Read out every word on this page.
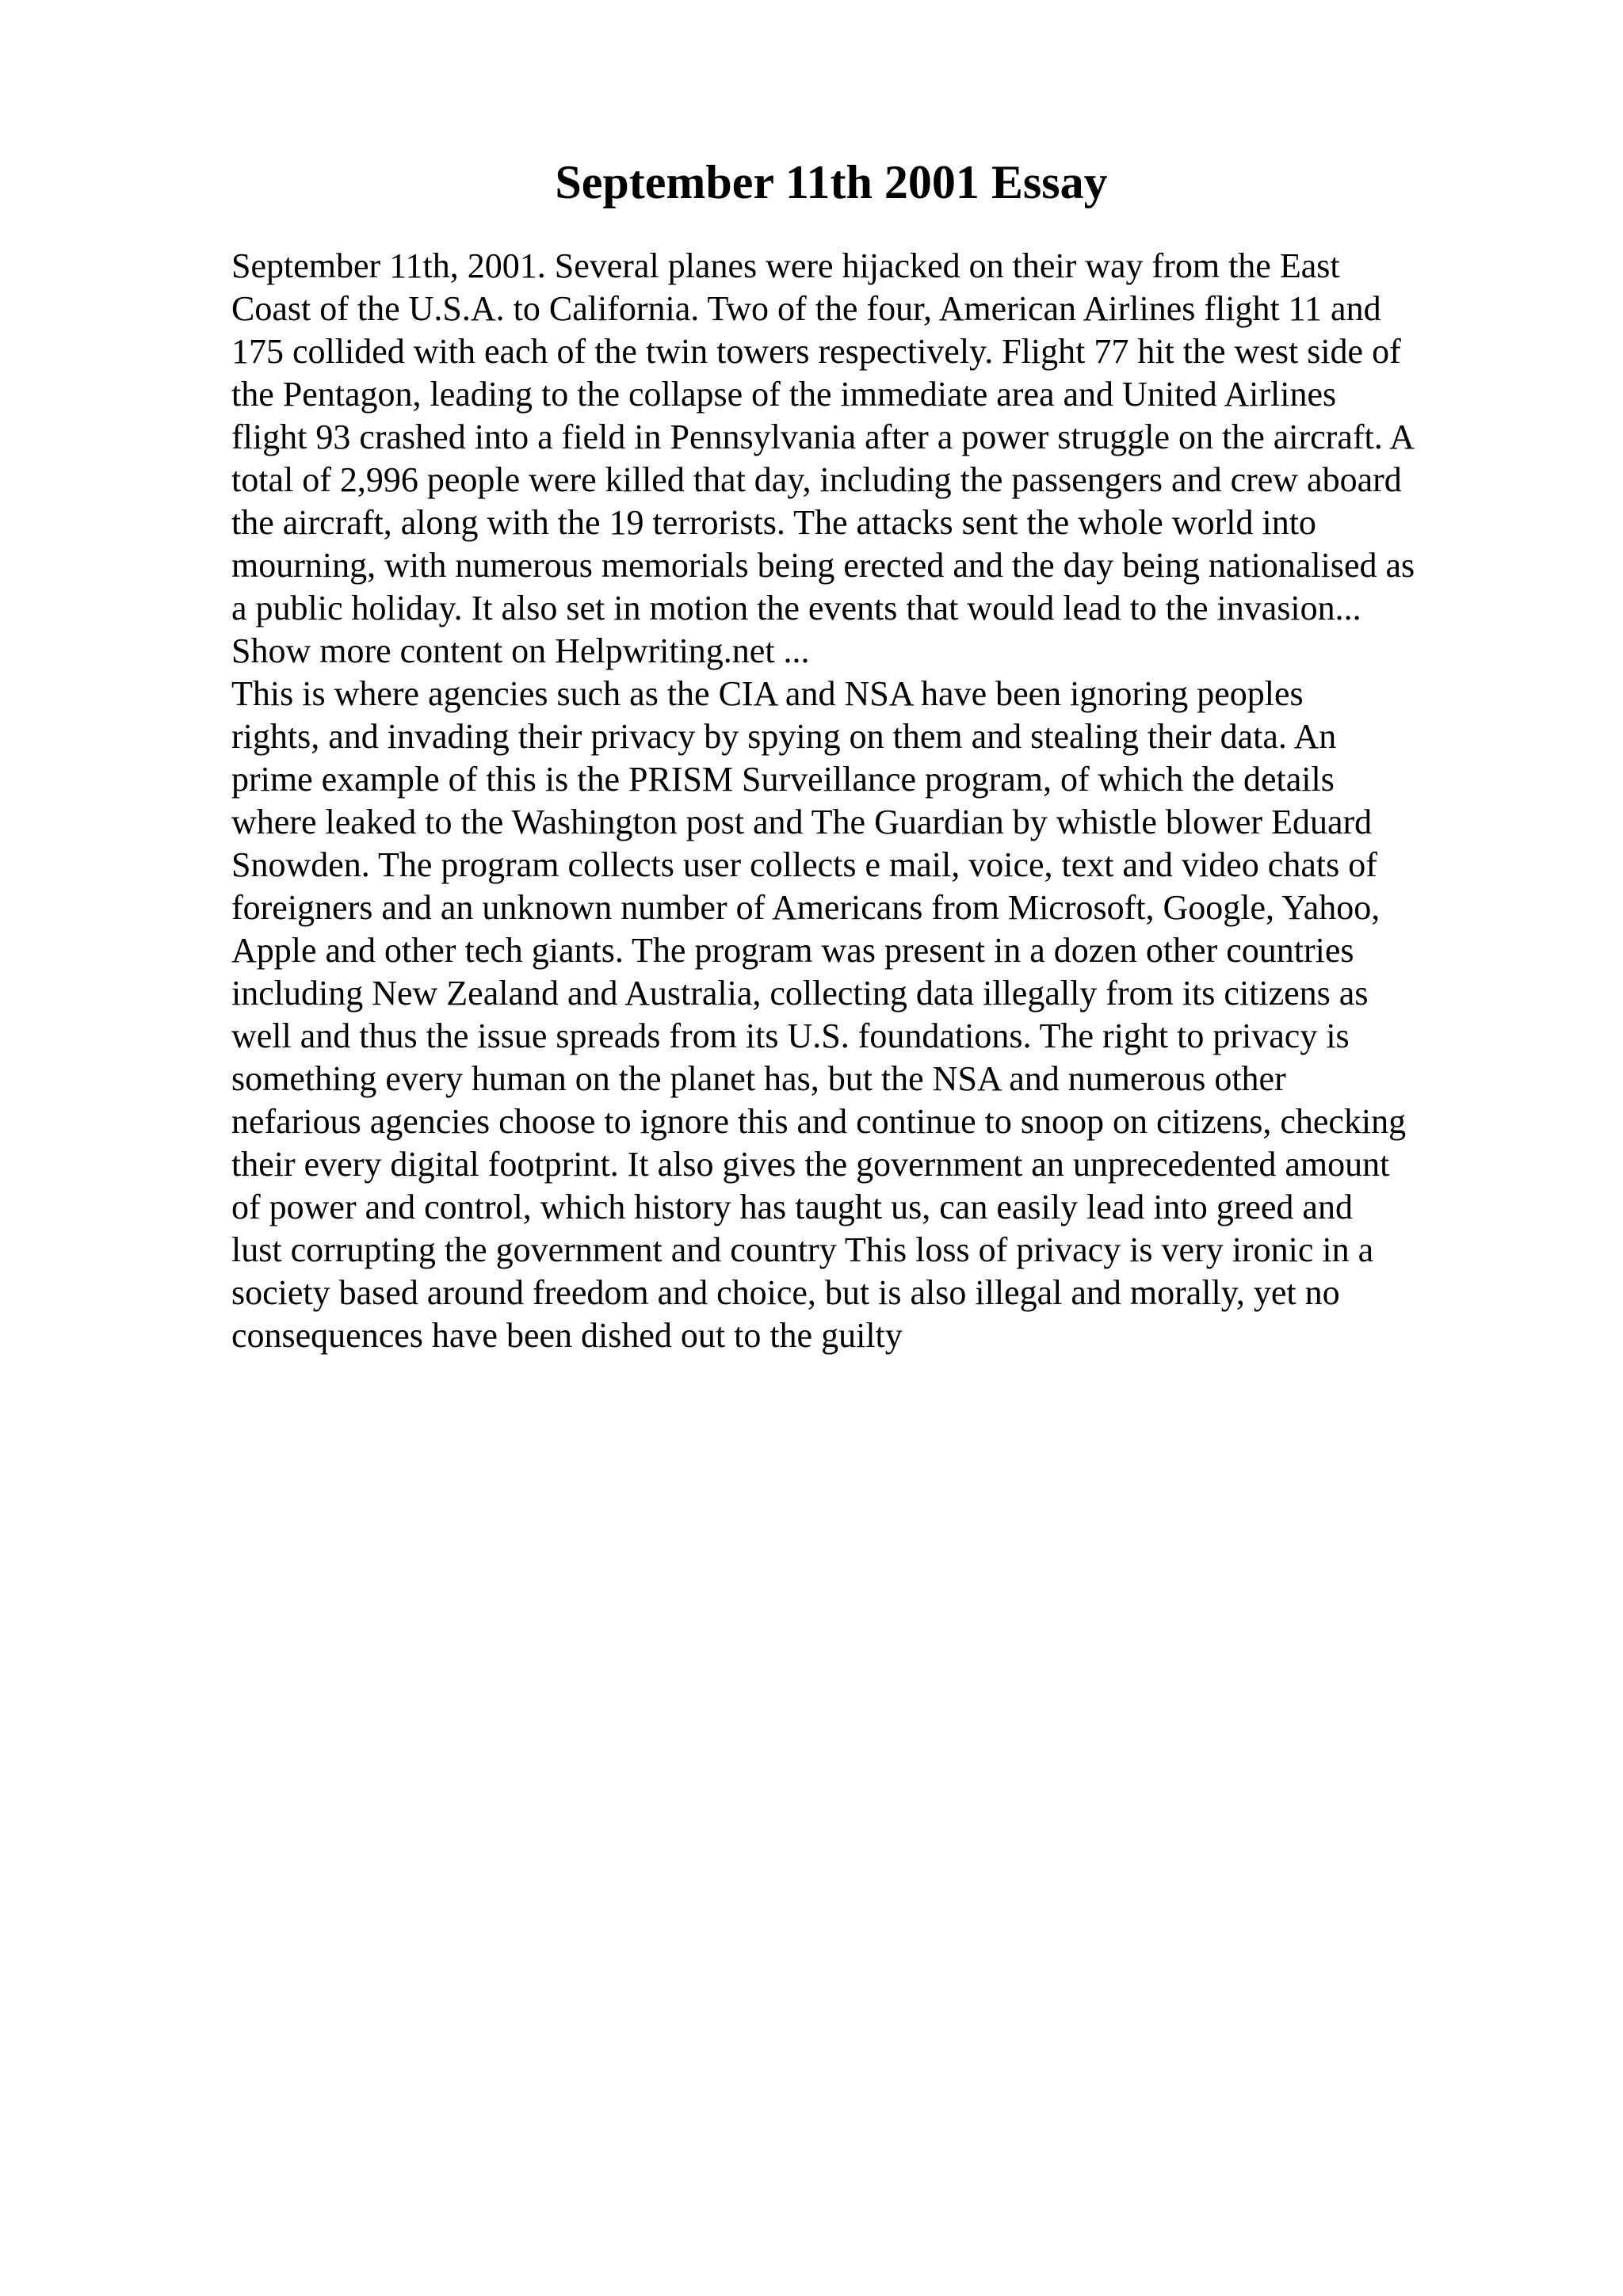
September 11th 2001 Essay
September 11th, 2001. Several planes were hijacked on their way from the East
Coast of the U.S.A. to California. Two of the four, American Airlines flight 11 and
175 collided with each of the twin towers respectively. Flight 77 hit the west side of
the Pentagon, leading to the collapse of the immediate area and United Airlines
flight 93 crashed into a field in Pennsylvania after a power struggle on the aircraft. A
total of 2,996 people were killed that day, including the passengers and crew aboard
the aircraft, along with the 19 terrorists. The attacks sent the whole world into
mourning, with numerous memorials being erected and the day being nationalised as
a public holiday. It also set in motion the events that would lead to the invasion...
Show more content on Helpwriting.net ...
This is where agencies such as the CIA and NSA have been ignoring peoples
rights, and invading their privacy by spying on them and stealing their data. An
prime example of this is the PRISM Surveillance program, of which the details
where leaked to the Washington post and The Guardian by whistle blower Eduard
Snowden. The program collects user collects e mail, voice, text and video chats of
foreigners and an unknown number of Americans from Microsoft, Google, Yahoo,
Apple and other tech giants. The program was present in a dozen other countries
including New Zealand and Australia, collecting data illegally from its citizens as
well and thus the issue spreads from its U.S. foundations. The right to privacy is
something every human on the planet has, but the NSA and numerous other
nefarious agencies choose to ignore this and continue to snoop on citizens, checking
their every digital footprint. It also gives the government an unprecedented amount
of power and control, which history has taught us, can easily lead into greed and
lust corrupting the government and country This loss of privacy is very ironic in a
society based around freedom and choice, but is also illegal and morally, yet no
consequences have been dished out to the guilty
